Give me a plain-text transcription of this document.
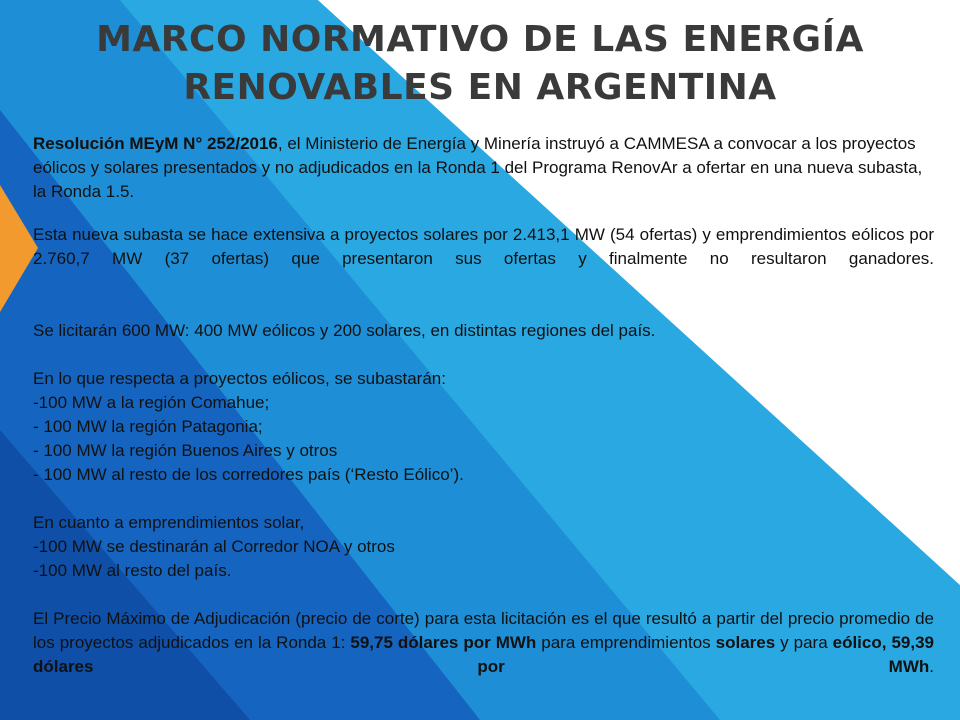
MARCO NORMATIVO DE LAS ENERGÍA
RENOVABLES EN ARGENTINA

Resolución MEyM N° 252/2016, el Ministerio de Energía y Minería instruyó a CAMMESA a convocar a los proyectos eólicos y solares presentados y no adjudicados en la Ronda 1 del Programa RenovAr a ofertar en una nueva subasta, la Ronda 1.5.

Esta nueva subasta se hace extensiva a proyectos solares por 2.413,1 MW (54 ofertas) y emprendimientos eólicos por 2.760,7 MW (37 ofertas) que presentaron sus ofertas y finalmente no resultaron ganadores.

Se licitarán 600 MW: 400 MW eólicos y 200 solares, en distintas regiones del país.

En lo que respecta a proyectos eólicos, se subastarán:

-100 MW a la región Comahue;

- 100 MW la región Patagonia;

- 100 MW la región Buenos Aires y otros

- 100 MW al resto de los corredores país (‘Resto Eólico’).

En cuanto a emprendimientos solar,

-100 MW se destinarán al Corredor NOA y otros

-100 MW al resto del país.

El Precio Máximo de Adjudicación (precio de corte) para esta licitación es el que resultó a partir del precio promedio de los proyectos adjudicados en la Ronda 1: 59,75 dólares por MWh para emprendimientos solares y para eólico, 59,39 dólares por MWh.
